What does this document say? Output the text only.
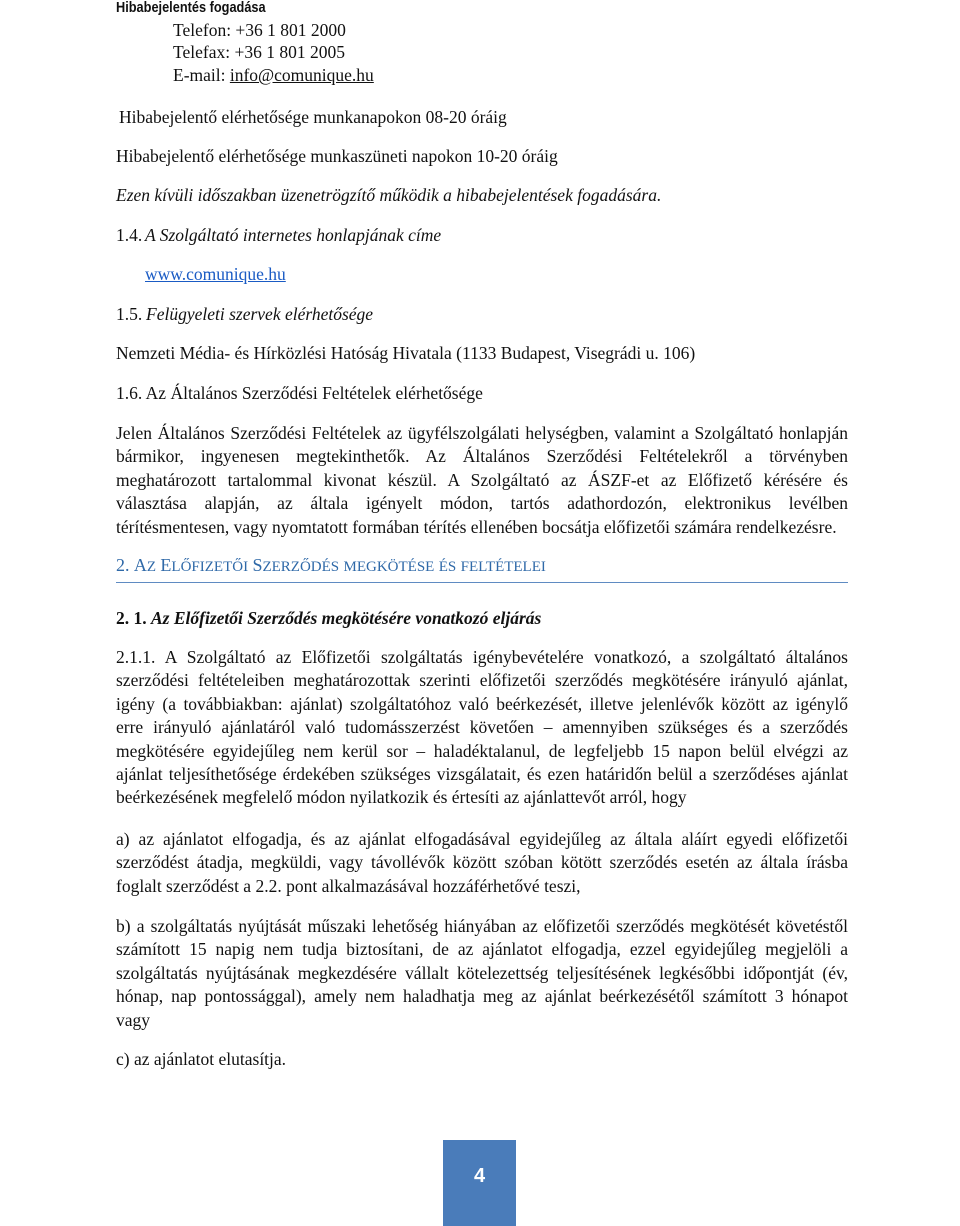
Hibabejelentés fogadása
Telefon: +36 1 801 2000
Telefax: +36 1 801 2005
E-mail: info@comunique.hu
Hibabejelentő elérhetősége munkanapokon 08-20 óráig
Hibabejelentő elérhetősége munkaszüneti napokon 10-20 óráig
Ezen kívüli időszakban üzenetrögzítő működik a hibabejelentések fogadására.
1.4. A Szolgáltató internetes honlapjának címe
www.comunique.hu
1.5. Felügyeleti szervek elérhetősége
Nemzeti Média- és Hírközlési Hatóság Hivatala (1133 Budapest, Visegrádi u. 106)
1.6. Az Általános Szerződési Feltételek elérhetősége
Jelen Általános Szerződési Feltételek az ügyfélszolgálati helységben, valamint a Szolgáltató honlapján
bármikor, ingyenesen megtekinthetők. Az Általános Szerződési Feltételekről a törvényben
meghatározott tartalommal kivonat készül. A Szolgáltató az ÁSZF-et az Előfizető kérésére és
választása alapján, az általa igényelt módon, tartós adathordozón, elektronikus levélben
térítésmentesen, vagy nyomtatott formában térítés ellenében bocsátja előfizetői számára rendelkezésre.
2. AZ ELŐFIZETŐI SZERZŐDÉS MEGKÖTÉSE ÉS FELTÉTELEI
2. 1. Az Előfizetői Szerződés megkötésére vonatkozó eljárás
2.1.1. A Szolgáltató az Előfizetői szolgáltatás igénybevételére vonatkozó, a szolgáltató általános
szerződési feltételeiben meghatározottak szerinti előfizetői szerződés megkötésére irányuló ajánlat,
igény (a továbbiakban: ajánlat) szolgáltatóhoz való beérkezését, illetve jelenlévők között az igénylő
erre irányuló ajánlatáról való tudomásszerzést követően – amennyiben szükséges és a szerződés
megkötésére egyidejűleg nem kerül sor – haladéktalanul, de legfeljebb 15 napon belül elvégzi az
ajánlat teljesíthetősége érdekében szükséges vizsgálatait, és ezen határidőn belül a szerződéses ajánlat
beérkezésének megfelelő módon nyilatkozik és értesíti az ajánlattevőt arról, hogy
a) az ajánlatot elfogadja, és az ajánlat elfogadásával egyidejűleg az általa aláírt egyedi előfizetői
szerződést átadja, megküldi, vagy távollévők között szóban kötött szerződés esetén az általa írásba
foglalt szerződést a 2.2. pont alkalmazásával hozzáférhetővé teszi,
b) a szolgáltatás nyújtását műszaki lehetőség hiányában az előfizetői szerződés megkötését követéstől
számított 15 napig nem tudja biztosítani, de az ajánlatot elfogadja, ezzel egyidejűleg megjelöli a
szolgáltatás nyújtásának megkezdésére vállalt kötelezettség teljesítésének legkésőbbi időpontját (év,
hónap, nap pontossággal), amely nem haladhatja meg az ajánlat beérkezésétől számított 3 hónapot
vagy
c) az ajánlatot elutasítja.
4
